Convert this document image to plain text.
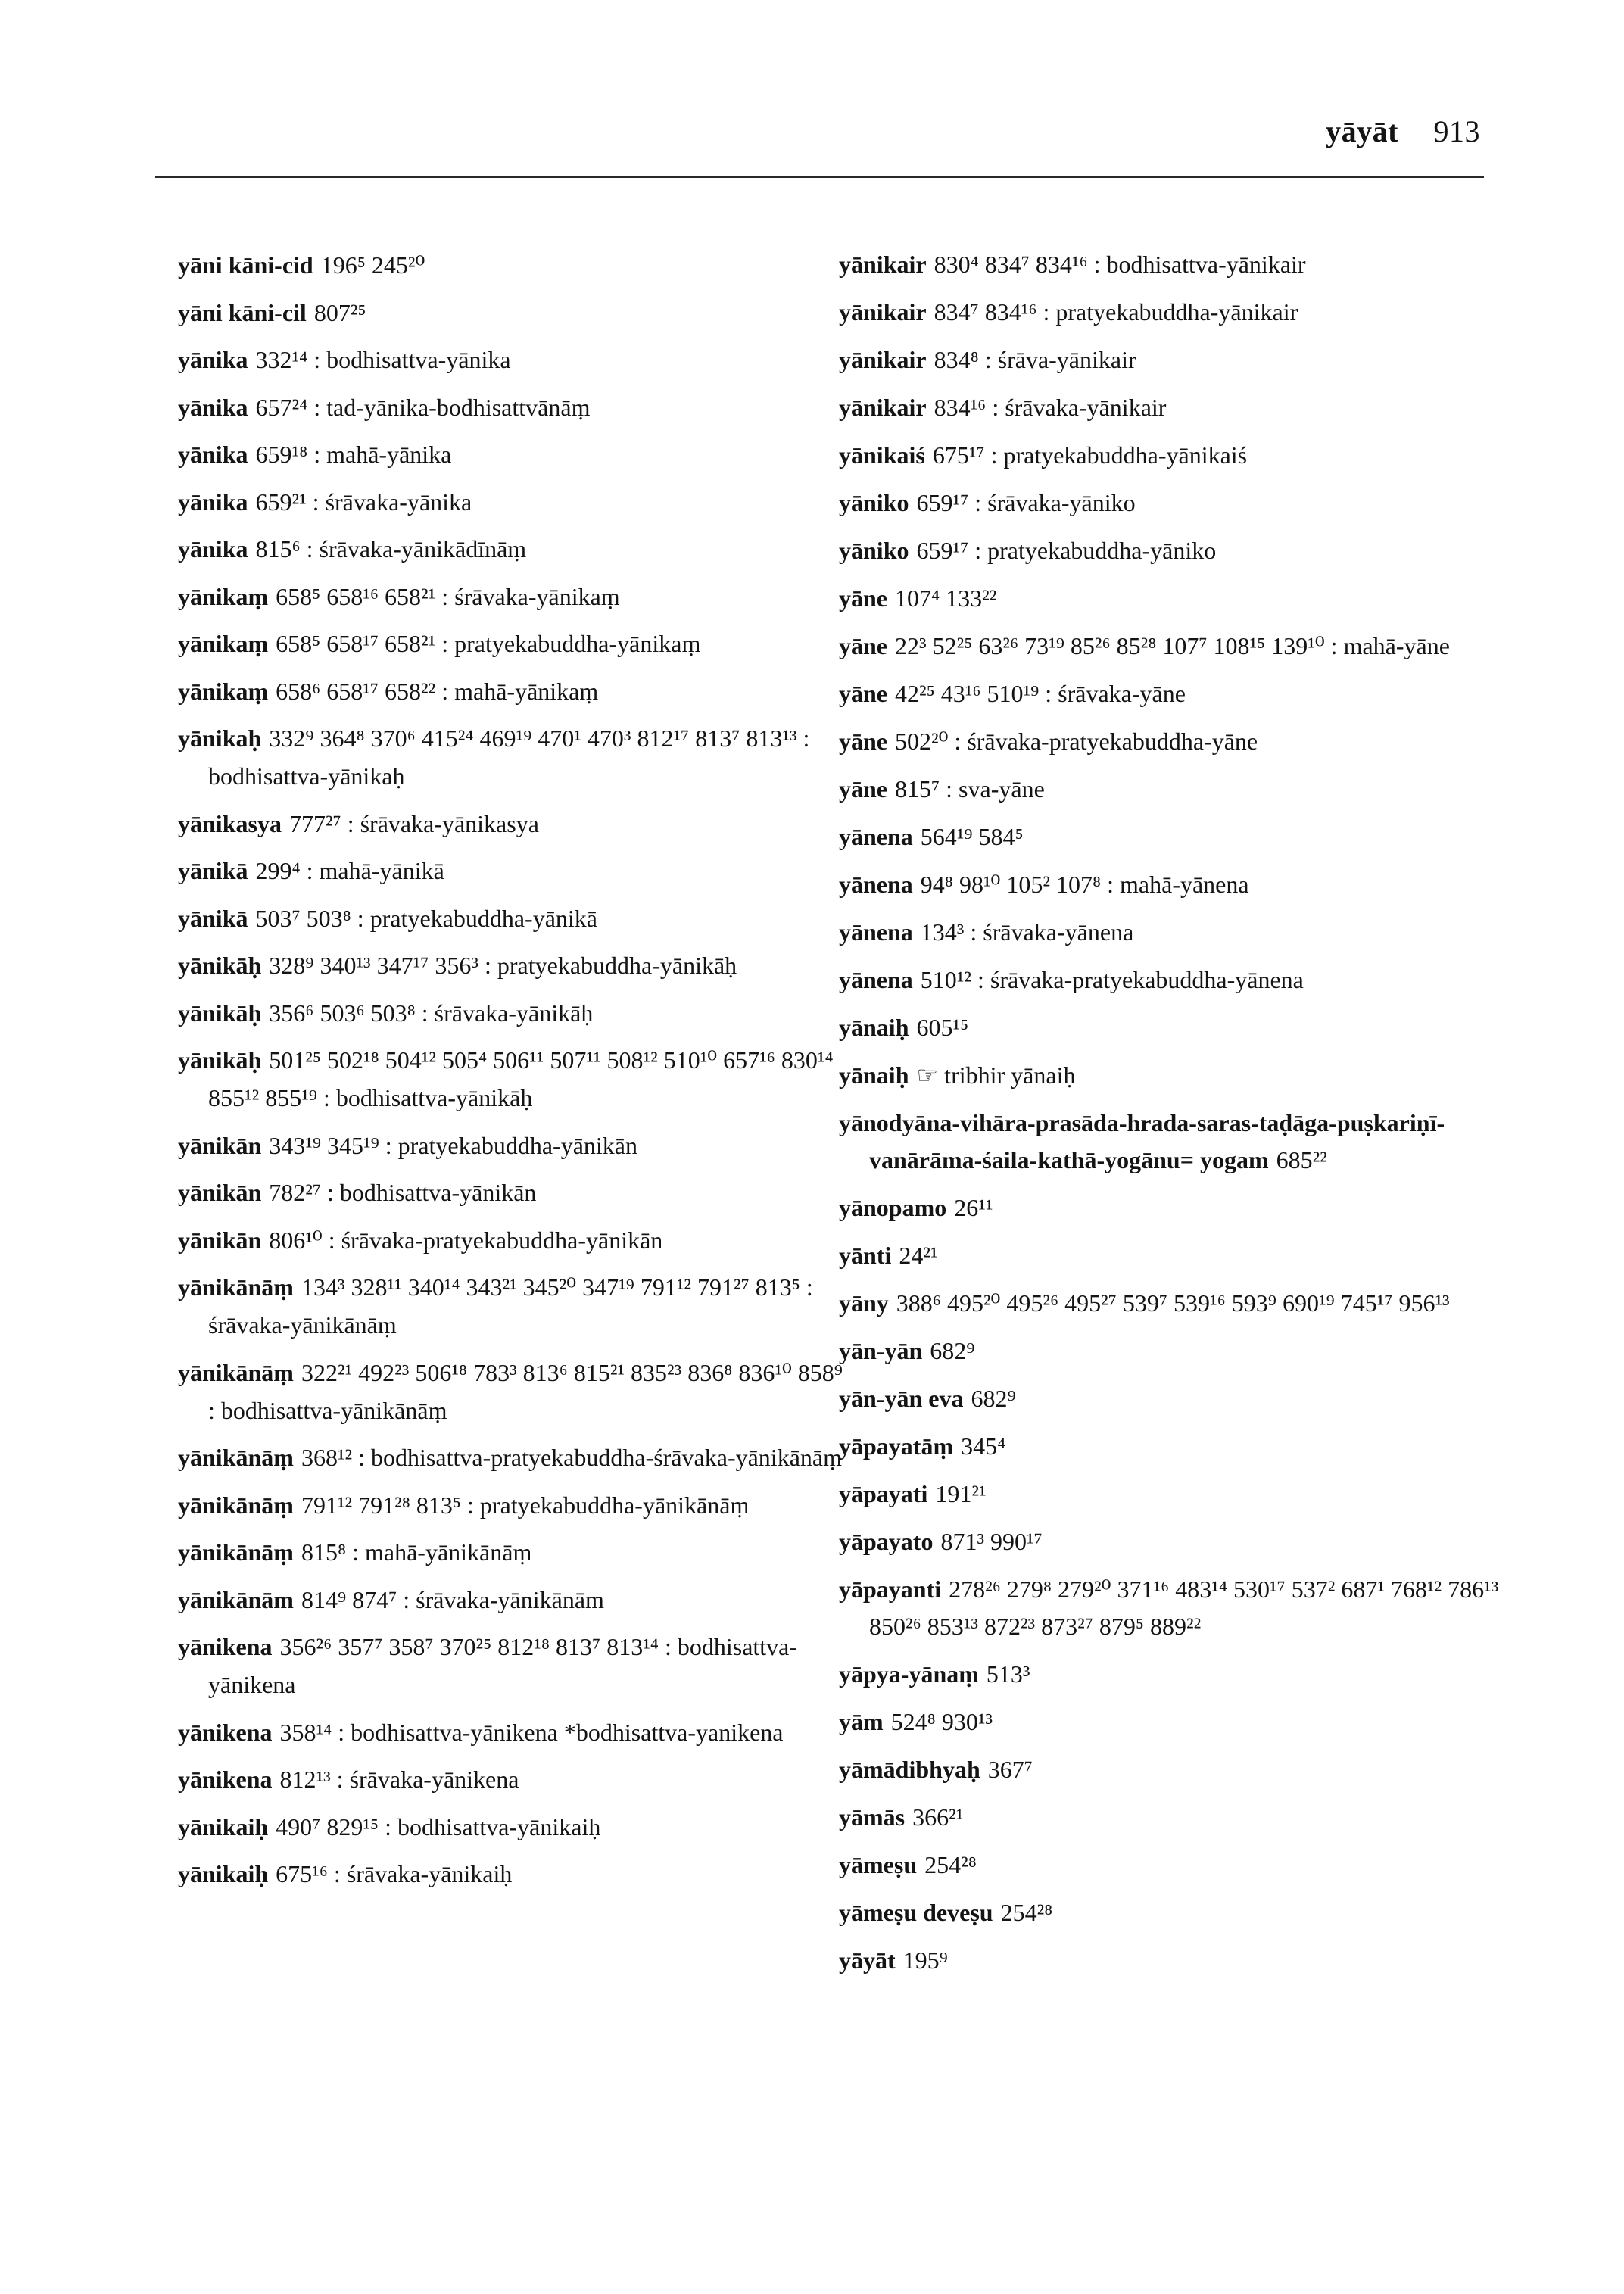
yāyāt 913
yāni kāni-cid 196⁵ 245²⁰
yāni kāni-cil 807²⁵
yānika 332¹⁴ : bodhisattva-yānika
yānika 657²⁴ : tad-yānika-bodhisattvānāṃ
yānika 659¹⁸ : mahā-yānika
yānika 659²¹ : śrāvaka-yānika
yānika 815⁶ : śrāvaka-yānikādīnāṃ
yānikaṃ 658⁵ 658¹⁶ 658²¹ : śrāvaka-yānikaṃ
yānikaṃ 658⁵ 658¹⁷ 658²¹ : pratyekabuddha-yānikaṃ
yānikaṃ 658⁶ 658¹⁷ 658²² : mahā-yānikaṃ
yānikaḥ 332⁹ 364⁸ 370⁶ 415²⁴ 469¹⁹ 470¹ 470³ 812¹⁷ 813⁷ 813¹³ : bodhisattva-yānikaḥ
yānikasya 777²⁷ : śrāvaka-yānikasya
yānikā 299⁴ : mahā-yānikā
yānikā 503⁷ 503⁸ : pratyekabuddha-yānikā
yānikāḥ 328⁹ 340¹³ 347¹⁷ 356³ : pratyekabuddha-yānikāḥ
yānikāḥ 356⁶ 503⁶ 503⁸ : śrāvaka-yānikāḥ
yānikāḥ 501²⁵ 502¹⁸ 504¹² 505⁴ 506¹¹ 507¹¹ 508¹² 510¹⁰ 657¹⁶ 830¹⁴ 855¹² 855¹⁹ : bodhisattva-yānikāḥ
yānikān 343¹⁹ 345¹⁹ : pratyekabuddha-yānikān
yānikān 782²⁷ : bodhisattva-yānikān
yānikān 806¹⁰ : śrāvaka-pratyekabuddha-yānikān
yānikānāṃ 134³ 328¹¹ 340¹⁴ 343²¹ 345²⁰ 347¹⁹ 791¹² 791²⁷ 813⁵ : śrāvaka-yānikānāṃ
yānikānāṃ 322²¹ 492²³ 506¹⁸ 783³ 813⁶ 815²¹ 835²³ 836⁸ 836¹⁰ 858⁹ : bodhisattva-yānikānāṃ
yānikānāṃ 368¹² : bodhisattva-pratyekabuddha-śrāvaka-yānikānāṃ
yānikānāṃ 791¹² 791²⁸ 813⁵ : pratyekabuddha-yānikānāṃ
yānikānāṃ 815⁸ : mahā-yānikānāṃ
yānikānām 814⁹ 874⁷ : śrāvaka-yānikānām
yānikena 356²⁶ 357⁷ 358⁷ 370²⁵ 812¹⁸ 813⁷ 813¹⁴ : bodhisattva-yānikena
yānikena 358¹⁴ : bodhisattva-yānikena *bodhisattva-yanikena
yānikena 812¹³ : śrāvaka-yānikena
yānikaiḥ 490⁷ 829¹⁵ : bodhisattva-yānikaiḥ
yānikaiḥ 675¹⁶ : śrāvaka-yānikaiḥ
yānikair 830⁴ 834⁷ 834¹⁶ : bodhisattva-yānikair
yānikair 834⁷ 834¹⁶ : pratyekabuddha-yānikair
yānikair 834⁸ : śrāva-yānikair
yānikair 834¹⁶ : śrāvaka-yānikair
yānikaiś 675¹⁷ : pratyekabuddha-yānikaiś
yāniko 659¹⁷ : śrāvaka-yāniko
yāniko 659¹⁷ : pratyekabuddha-yāniko
yāne 107⁴ 133²²
yāne 22³ 52²⁵ 63²⁶ 73¹⁹ 85²⁶ 85²⁸ 107⁷ 108¹⁵ 139¹⁰ : mahā-yāne
yāne 42²⁵ 43¹⁶ 510¹⁹ : śrāvaka-yāne
yāne 502²⁰ : śrāvaka-pratyekabuddha-yāne
yāne 815⁷ : sva-yāne
yānena 564¹⁹ 584⁵
yānena 94⁸ 98¹⁰ 105² 107⁸ : mahā-yānena
yānena 134³ : śrāvaka-yānena
yānena 510¹² : śrāvaka-pratyekabuddha-yānena
yānaiḥ 605¹⁵
yānaiḥ ☞ tribhir yānaiḥ
yānodyāna-vihāra-prasāda-hrada-saras-taḍāga-puṣkariṇī-vanārāma-śaila-kathā-yogānu= yogam 685²²
yānopamo 26¹¹
yānti 24²¹
yāny 388⁶ 495²⁰ 495²⁶ 495²⁷ 539⁷ 539¹⁶ 593⁹ 690¹⁹ 745¹⁷ 956¹³
yān-yān 682⁹
yān-yān eva 682⁹
yāpayatāṃ 345⁴
yāpayati 191²¹
yāpayato 871³ 990¹⁷
yāpayanti 278²⁶ 279⁸ 279²⁰ 371¹⁶ 483¹⁴ 530¹⁷ 537² 687¹ 768¹² 786¹³ 850²⁶ 853¹³ 872²³ 873²⁷ 879⁵ 889²²
yāpya-yānaṃ 513³
yām 524⁸ 930¹³
yāmādibhyaḥ 367⁷
yāmās 366²¹
yāmeṣu 254²⁸
yāmeṣu deveṣu 254²⁸
yāyāt 195⁹
